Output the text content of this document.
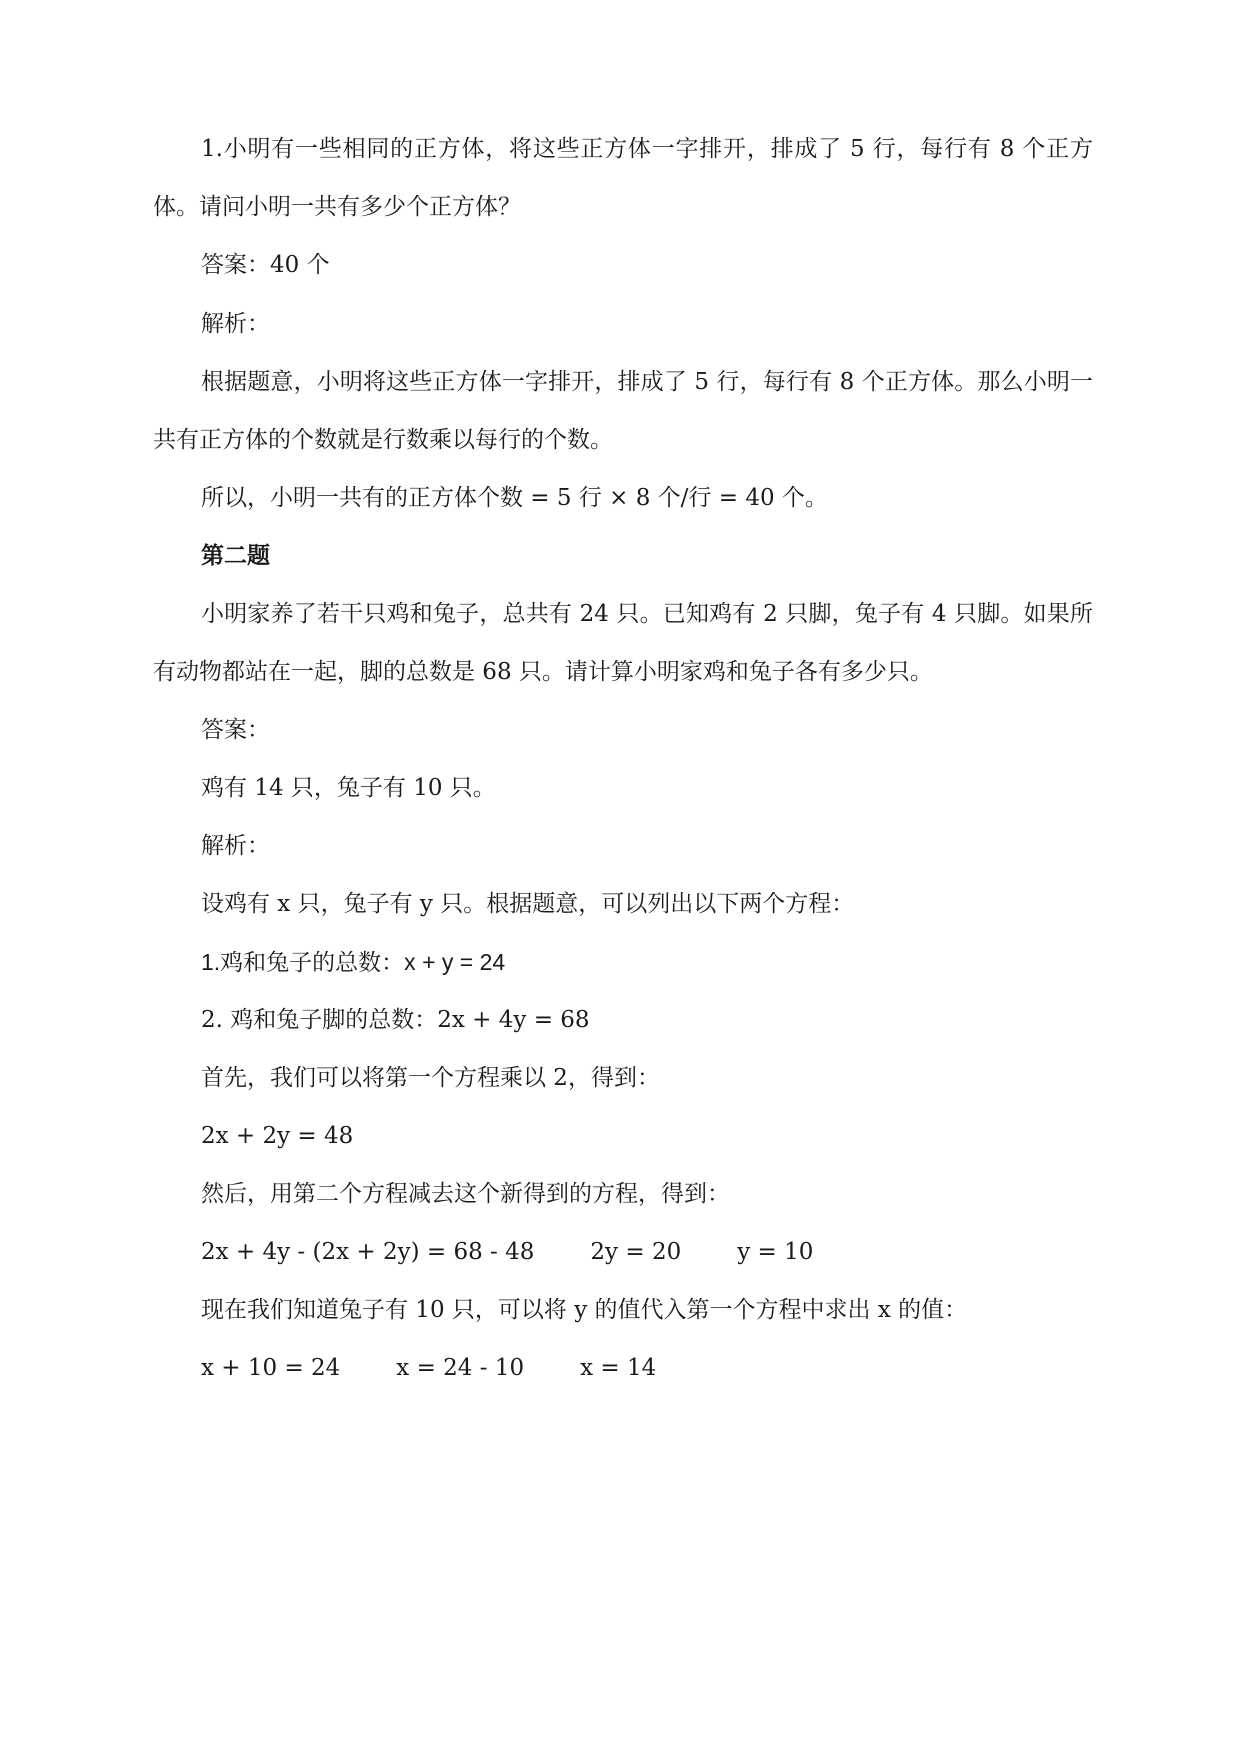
1.小明有一些相同的正方体，将这些正方体一字排开，排成了 5 行，每行有 8 个正方体。请问小明一共有多少个正方体？
答案：40 个
解析：
根据题意，小明将这些正方体一字排开，排成了 5 行，每行有 8 个正方体。那么小明一共有正方体的个数就是行数乘以每行的个数。
所以，小明一共有的正方体个数 = 5 行 × 8 个/行 = 40 个。
第二题
小明家养了若干只鸡和兔子，总共有 24 只。已知鸡有 2 只脚，兔子有 4 只脚。如果所有动物都站在一起，脚的总数是 68 只。请计算小明家鸡和兔子各有多少只。
答案：
鸡有 14 只，兔子有 10 只。
解析：
设鸡有 x 只，兔子有 y 只。根据题意，可以列出以下两个方程：
1.鸡和兔子的总数：x + y = 24
2. 鸡和兔子脚的总数：2x + 4y = 68
首先，我们可以将第一个方程乘以 2，得到：
2x + 2y = 48
然后，用第二个方程减去这个新得到的方程，得到：
2x + 4y - (2x + 2y) = 68 - 48 2y = 20 y = 10
现在我们知道兔子有 10 只，可以将 y 的值代入第一个方程中求出 x 的值：
x + 10 = 24 x = 24 - 10 x = 14
